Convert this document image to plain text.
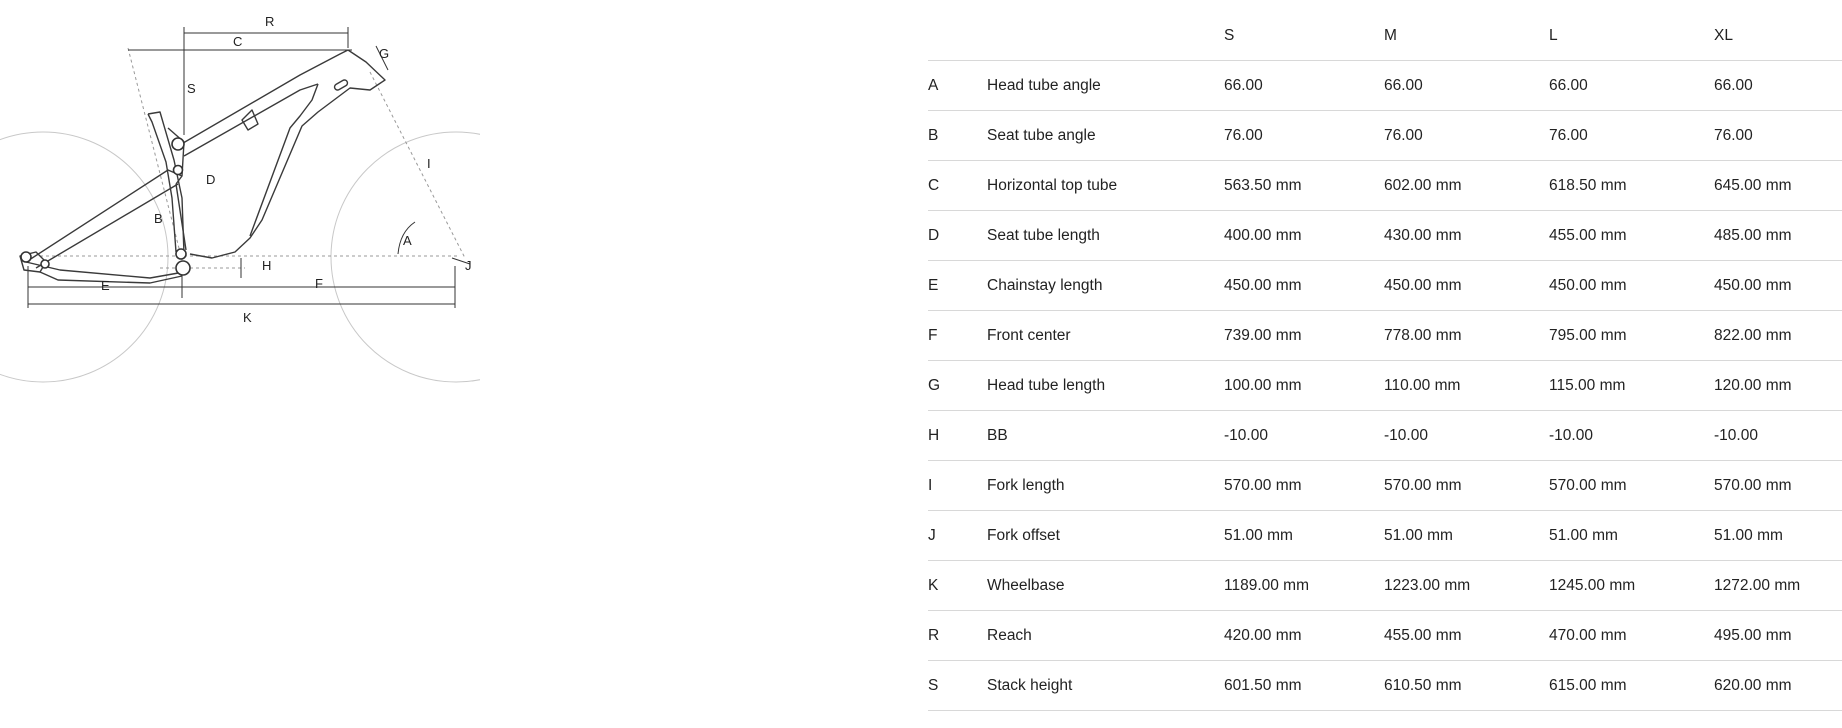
R
C
G
S
I
D
B
A
H	J
E	F
K
		S	M	L	XL
A	Head tube angle	66.00	66.00	66.00	66.00
B	Seat tube angle	76.00	76.00	76.00	76.00
C	Horizontal top tube	563.50 mm	602.00 mm	618.50 mm	645.00 mm
D	Seat tube length	400.00 mm	430.00 mm	455.00 mm	485.00 mm
E	Chainstay length	450.00 mm	450.00 mm	450.00 mm	450.00 mm
F	Front center	739.00 mm	778.00 mm	795.00 mm	822.00 mm
G	Head tube length	100.00 mm	110.00 mm	115.00 mm	120.00 mm
H	BB	-10.00	-10.00	-10.00	-10.00
I	Fork length	570.00 mm	570.00 mm	570.00 mm	570.00 mm
J	Fork offset	51.00 mm	51.00 mm	51.00 mm	51.00 mm
K	Wheelbase	1189.00 mm	1223.00 mm	1245.00 mm	1272.00 mm
R	Reach	420.00 mm	455.00 mm	470.00 mm	495.00 mm
S	Stack height	601.50 mm	610.50 mm	615.00 mm	620.00 mm
